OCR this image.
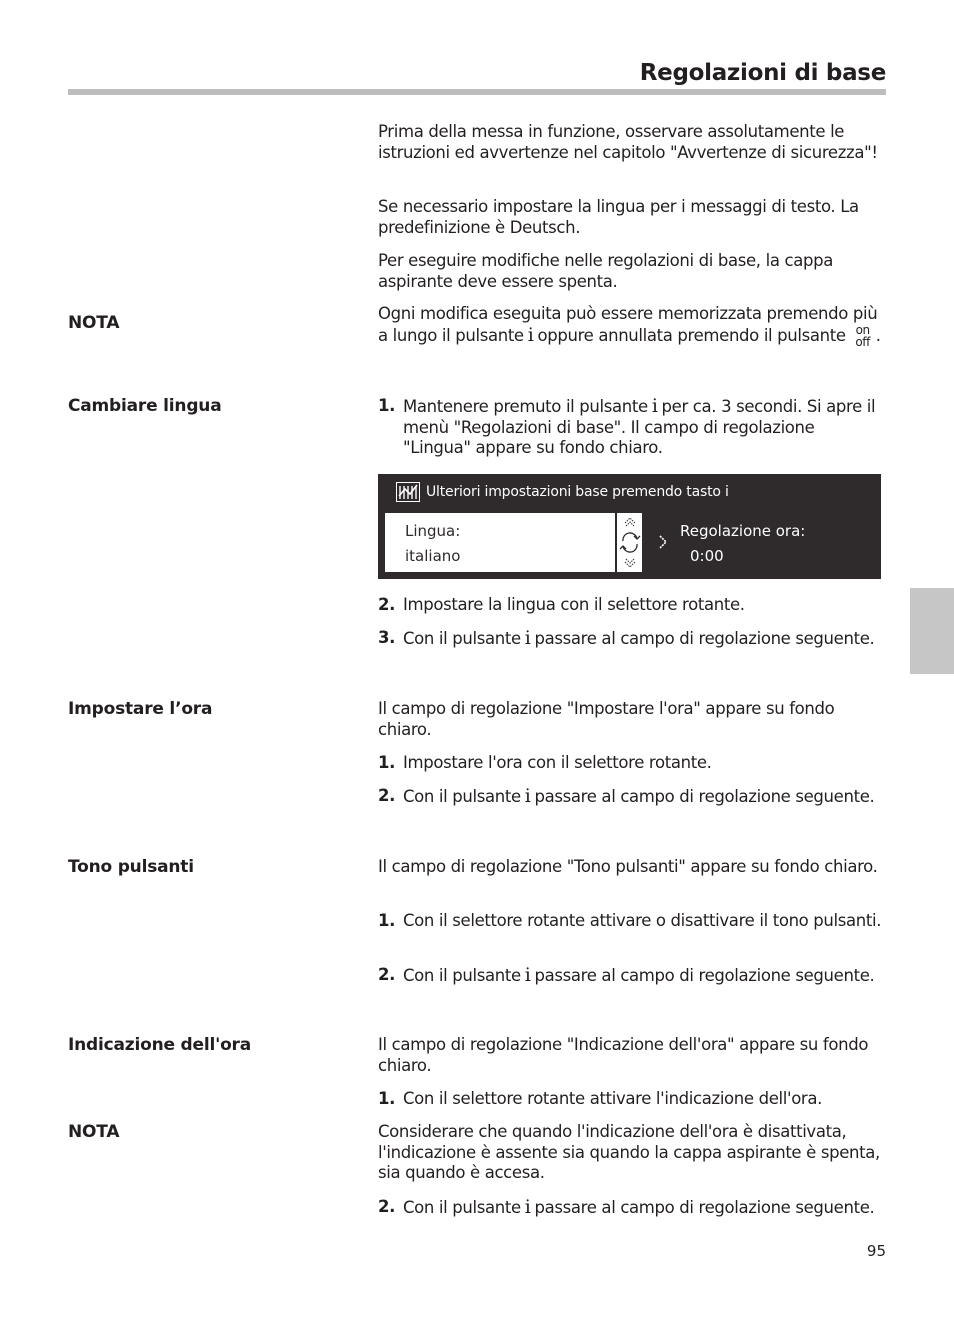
Regolazioni di base

Prima della messa in funzione, osservare assolutamente le istruzioni ed avvertenze nel capitolo "Avvertenze di sicurezza"!

Se necessario impostare la lingua per i messaggi di testo. La predefinizione è Deutsch.

Per eseguire modifiche nelle regolazioni di base, la cappa aspirante deve essere spenta.

NOTA	Ogni modifica eseguita può essere memorizzata premendo più a lungo il pulsante i oppure annullata premendo il pulsante on
off .

Cambiare lingua	1. Mantenere premuto il pulsante i per ca. 3 secondi. Si apre il menù "Regolazioni di base". Il campo di regolazione "Lingua" appare su fondo chiaro.
Ulteriori impostazioni base premendo tasto i
Lingua:
italiano
Regolazione ora:
0:00
2. Impostare la lingua con il selettore rotante.
3. Con il pulsante i passare al campo di regolazione seguente.
Impostare l’ora	Il campo di regolazione "Impostare l'ora" appare su fondo chiaro.

1. Impostare l'ora con il selettore rotante.
2. Con il pulsante i passare al campo di regolazione seguente.
Tono pulsanti	Il campo di regolazione "Tono pulsanti" appare su fondo chiaro.

1. Con il selettore rotante attivare o disattivare il tono pulsanti.
2. Con il pulsante i passare al campo di regolazione seguente.
Indicazione dell'ora	Il campo di regolazione "Indicazione dell'ora" appare su fondo chiaro.

1. Con il selettore rotante attivare l'indicazione dell'ora.
NOTA	Considerare che quando l'indicazione dell'ora è disattivata, l'indicazione è assente sia quando la cappa aspirante è spenta, sia quando è accesa.

2. Con il pulsante i passare al campo di regolazione seguente.
95
